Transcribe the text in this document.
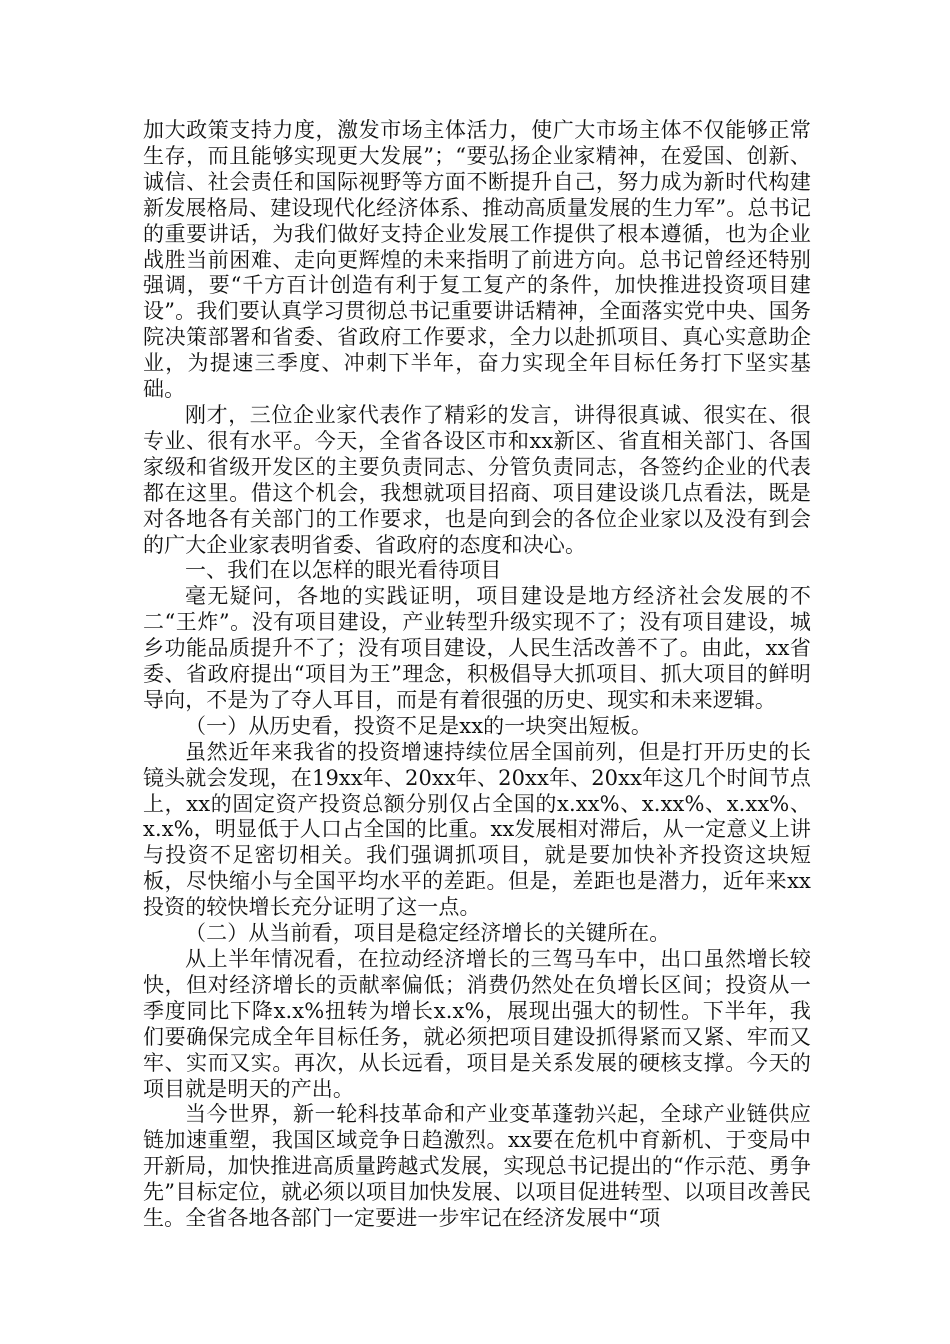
加大政策支持力度，激发市场主体活力，使广大市场主体不仅能够正常生存，而且能够实现更大发展”；“要弘扬企业家精神，在爱国、创新、诚信、社会责任和国际视野等方面不断提升自己，努力成为新时代构建新发展格局、建设现代化经济体系、推动高质量发展的生力军”。总书记的重要讲话，为我们做好支持企业发展工作提供了根本遵循，也为企业战胜当前困难、走向更辉煌的未来指明了前进方向。总书记曾经还特别强调，要“千方百计创造有利于复工复产的条件，加快推进投资项目建设”。我们要认真学习贯彻总书记重要讲话精神，全面落实党中央、国务院决策部署和省委、省政府工作要求，全力以赴抓项目、真心实意助企业，为提速三季度、冲刺下半年，奋力实现全年目标任务打下坚实基础。

刚才，三位企业家代表作了精彩的发言，讲得很真诚、很实在、很专业、很有水平。今天，全省各设区市和xx新区、省直相关部门、各国家级和省级开发区的主要负责同志、分管负责同志，各签约企业的代表都在这里。借这个机会，我想就项目招商、项目建设谈几点看法，既是对各地各有关部门的工作要求，也是向到会的各位企业家以及没有到会的广大企业家表明省委、省政府的态度和决心。

一、我们在以怎样的眼光看待项目

毫无疑问，各地的实践证明，项目建设是地方经济社会发展的不二“王炸”。没有项目建设，产业转型升级实现不了；没有项目建设，城乡功能品质提升不了；没有项目建设，人民生活改善不了。由此，xx省委、省政府提出“项目为王”理念，积极倡导大抓项目、抓大项目的鲜明导向，不是为了夺人耳目，而是有着很强的历史、现实和未来逻辑。

（一）从历史看，投资不足是xx的一块突出短板。

虽然近年来我省的投资增速持续位居全国前列，但是打开历史的长镜头就会发现，在19xx年、20xx年、20xx年、20xx年这几个时间节点上，xx的固定资产投资总额分别仅占全国的x.xx%、x.xx%、x.xx%、x.x%，明显低于人口占全国的比重。xx发展相对滞后，从一定意义上讲与投资不足密切相关。我们强调抓项目，就是要加快补齐投资这块短板，尽快缩小与全国平均水平的差距。但是，差距也是潜力，近年来xx投资的较快增长充分证明了这一点。

（二）从当前看，项目是稳定经济增长的关键所在。

从上半年情况看，在拉动经济增长的三驾马车中，出口虽然增长较快，但对经济增长的贡献率偏低；消费仍然处在负增长区间；投资从一季度同比下降x.x%扭转为增长x.x%，展现出强大的韧性。下半年，我们要确保完成全年目标任务，就必须把项目建设抓得紧而又紧、牢而又牢、实而又实。再次，从长远看，项目是关系发展的硬核支撑。今天的项目就是明天的产出。

当今世界，新一轮科技革命和产业变革蓬勃兴起，全球产业链供应链加速重塑，我国区域竞争日趋激烈。xx要在危机中育新机、于变局中开新局，加快推进高质量跨越式发展，实现总书记提出的“作示范、勇争先”目标定位，就必须以项目加快发展、以项目促进转型、以项目改善民生。全省各地各部门一定要进一步牢记在经济发展中“项
